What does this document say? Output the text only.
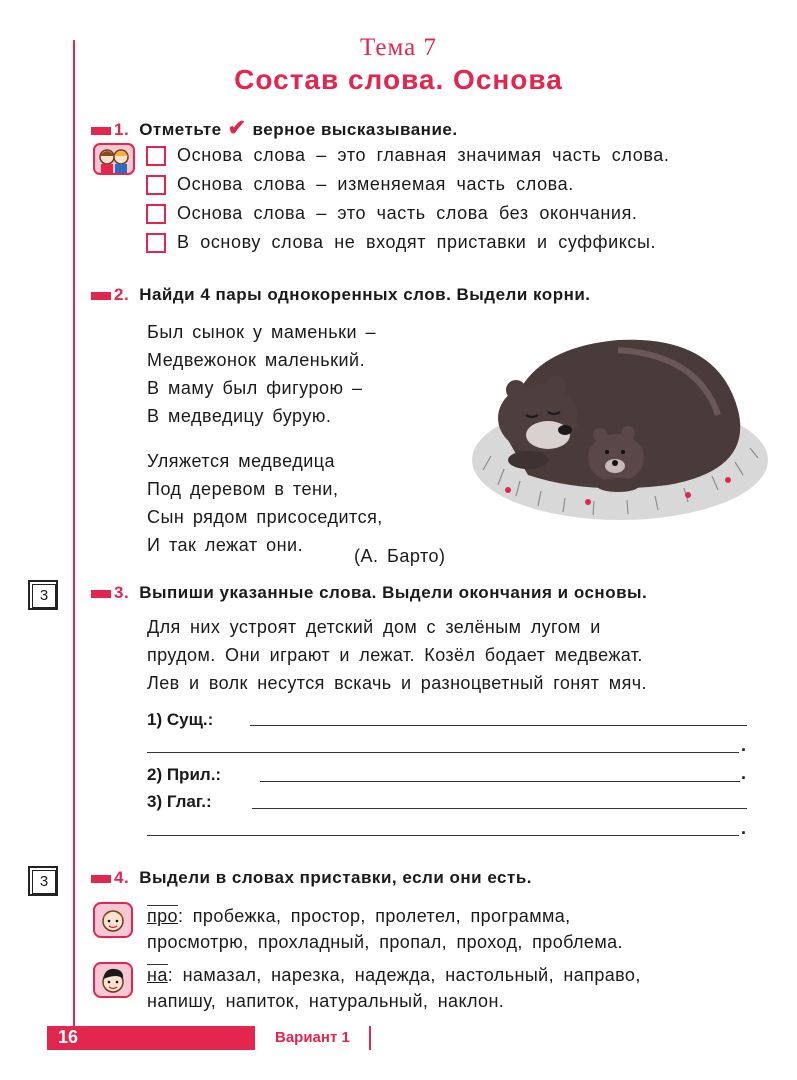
Тема 7
Состав слова. Основа
1. Отметьте ✔ верное высказывание.
Основа слова – это главная значимая часть слова.
Основа слова – изменяемая часть слова.
Основа слова – это часть слова без окончания.
В основу слова не входят приставки и суффиксы.
2. Найди 4 пары однокоренных слов. Выдели корни.
Был сынок у маменьки –
Медвежонок маленький.
В маму был фигурою –
В медведицу бурую.
Уляжется медведица
Под деревом в тени,
Сын рядом присоседится,
И так лежат они.
(А. Барто)
3	3. Выпиши указанные слова. Выдели окончания и основы.
Для них устроят детский дом с зелёным лугом и
прудом. Они играют и лежат. Козёл бодает медвежат.
Лев и волк несутся вскачь и разноцветный гонят мяч.
1) Сущ.:
.
2) Прил.:	.
3) Глаг.:
.
3	4. Выдели в словах приставки, если они есть.
про: пробежка, простор, пролетел, программа,
просмотрю, прохладный, пропал, проход, проблема.
на: намазал, нарезка, надежда, настольный, направо,
напишу, напиток, натуральный, наклон.
16	Вариант 1
